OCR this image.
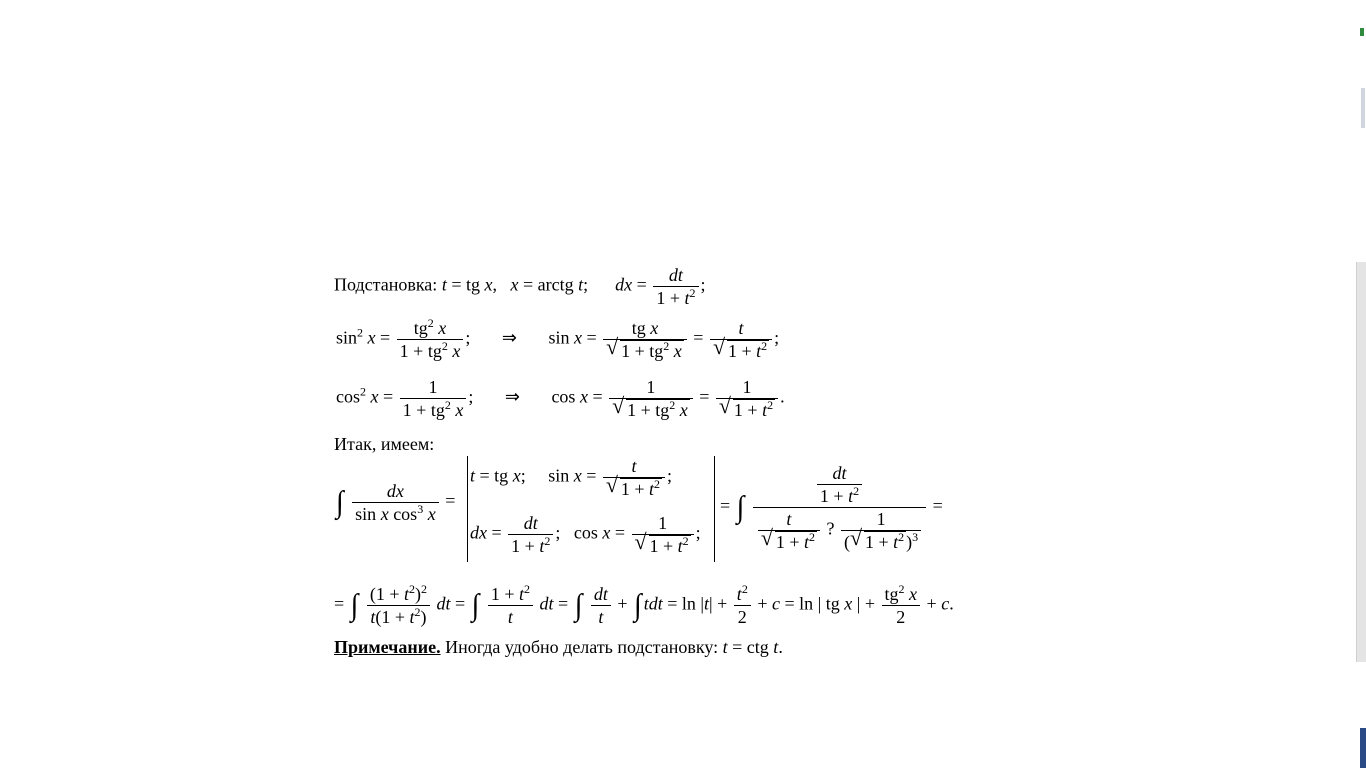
Подстановка: t = tg x,   x = arctg t;      dx = $\frac{dt}{1 + t^2}$ ;
$\sin^2 x = \frac{tg^2 x}{1 + tg^2 x}$ ;       ⇒ sin x = tg x
√ $1 + tg^2$ x = t
√ $1 + t^2$ ;
$\cos^2 x = \frac{1}{1 + tg^2 x}$ ;       ⇒ cos x = 1
√ $1 + tg^2$ x = 1
√ $1 + t^2$ .
Итак, имеем:
∫ $\frac{dx}{\sin x \cos^3 x}$ =
t = tg x;     sin x = t
√ $1 + t^2$ ;
dx = $\frac{dt}{1 + t^2}$ ;   cos x = 1
√ $1 + t^2$ ;
= ∫ $\frac{dt}{1 + t^2}$
t
√ $1 + t^2$ ? $\frac{1}{(√ 1 + t^2 )^3}$ =
= ∫ $\frac{(1 + t^2)^2}{t(1 + t^2)}$ dt = ∫ $\frac{1 + t^2}{t}$ dt = ∫ $\frac{dt}{t}$ + ∫ tdt = $\ln |t| + \frac{t^2}{2} + c = \ln$ | tg x | + $\frac{tg^2 x}{2} + c$.
Примечание. Иногда удобно делать подстановку: t = ctg t.
